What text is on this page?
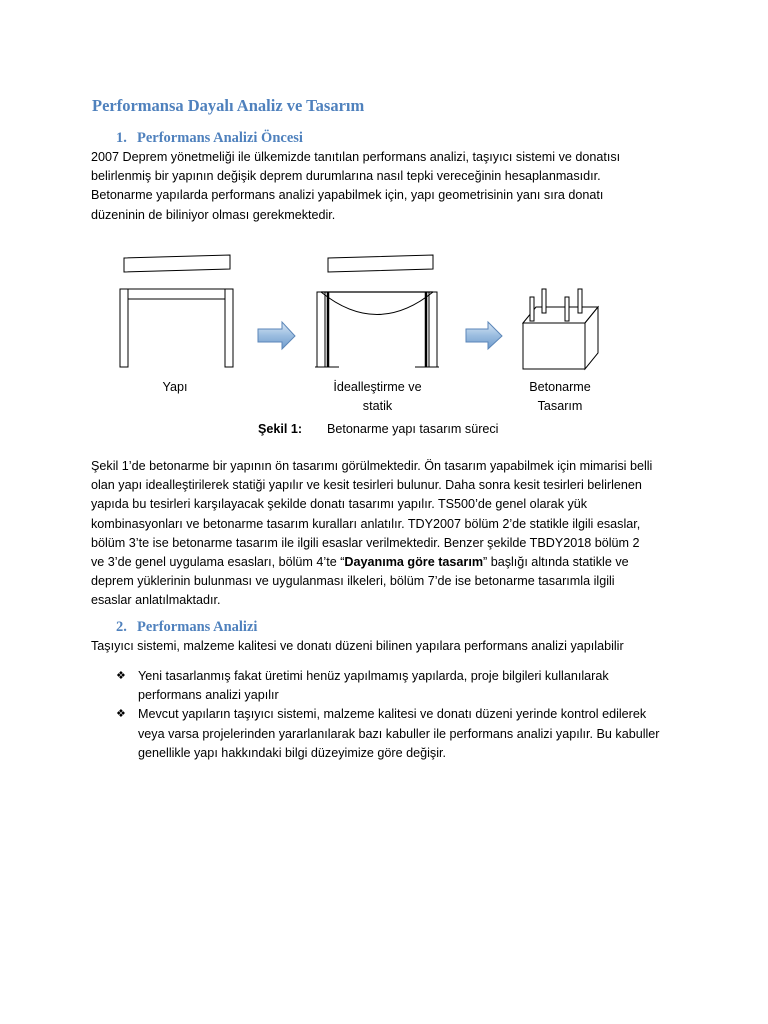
Performansa Dayalı Analiz ve Tasarım
1. Performans Analizi Öncesi
2007 Deprem yönetmeliği ile ülkemizde tanıtılan performans analizi, taşıyıcı sistemi ve donatısı
belirlenmiş bir yapının değişik deprem durumlarına nasıl tepki vereceğinin hesaplanmasıdır.
Betonarme yapılarda performans analizi yapabilmek için, yapı geometrisinin yanı sıra donatı
düzeninin de biliniyor olması gerekmektedir.
Yapı	İdealleştirme ve
statik
Betonarme
Tasarım
Şekil 1: Betonarme yapı tasarım süreci
Şekil 1’de betonarme bir yapının ön tasarımı görülmektedir. Ön tasarım yapabilmek için mimarisi belli
olan yapı idealleştirilerek statiği yapılır ve kesit tesirleri bulunur. Daha sonra kesit tesirleri belirlenen
yapıda bu tesirleri karşılayacak şekilde donatı tasarımı yapılır. TS500’de genel olarak yük
kombinasyonları ve betonarme tasarım kuralları anlatılır. TDY2007 bölüm 2’de statikle ilgili esaslar,
bölüm 3’te ise betonarme tasarım ile ilgili esaslar verilmektedir. Benzer şekilde TBDY2018 bölüm 2
ve 3’de genel uygulama esasları, bölüm 4’te “Dayanıma göre tasarım” başlığı altında statikle ve
deprem yüklerinin bulunması ve uygulanması ilkeleri, bölüm 7’de ise betonarme tasarımla ilgili
esaslar anlatılmaktadır.
2. Performans Analizi
Taşıyıcı sistemi, malzeme kalitesi ve donatı düzeni bilinen yapılara performans analizi yapılabilir
❖ Yeni tasarlanmış fakat üretimi henüz yapılmamış yapılarda, proje bilgileri kullanılarak
performans analizi yapılır
❖ Mevcut yapıların taşıyıcı sistemi, malzeme kalitesi ve donatı düzeni yerinde kontrol edilerek
veya varsa projelerinden yararlanılarak bazı kabuller ile performans analizi yapılır. Bu kabuller
genellikle yapı hakkındaki bilgi düzeyimize göre değişir.
